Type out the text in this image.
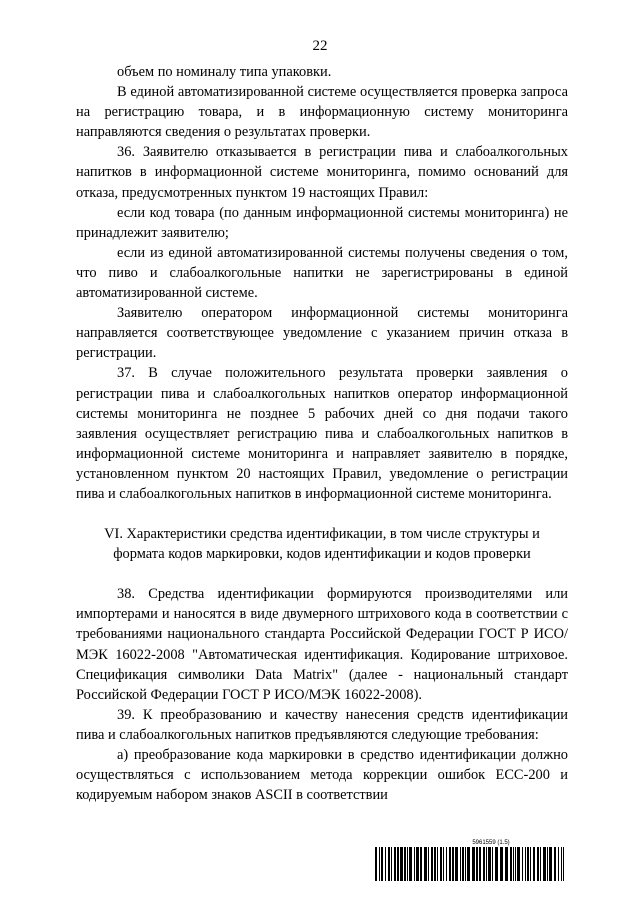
22

объем по номиналу типа упаковки.

В единой автоматизированной системе осуществляется проверка запроса на регистрацию товара, и в информационную систему мониторинга направляются сведения о результатах проверки.

36. Заявителю отказывается в регистрации пива и слабоалкогольных напитков в информационной системе мониторинга, помимо оснований для отказа, предусмотренных пунктом 19 настоящих Правил:

если код товара (по данным информационной системы мониторинга) не принадлежит заявителю;

если из единой автоматизированной системы получены сведения о том, что пиво и слабоалкогольные напитки не зарегистрированы в единой автоматизированной системе.

Заявителю оператором информационной системы мониторинга направляется соответствующее уведомление с указанием причин отказа в регистрации.

37. В случае положительного результата проверки заявления о регистрации пива и слабоалкогольных напитков оператор информационной системы мониторинга не позднее 5 рабочих дней со дня подачи такого заявления осуществляет регистрацию пива и слабоалкогольных напитков в информационной системе мониторинга и направляет заявителю в порядке, установленном пунктом 20 настоящих Правил, уведомление о регистрации пива и слабоалкогольных напитков в информационной системе мониторинга.

VI. Характеристики средства идентификации, в том числе структуры и формата кодов маркировки, кодов идентификации и кодов проверки

38. Средства идентификации формируются производителями или импортерами и наносятся в виде двумерного штрихового кода в соответствии с требованиями национального стандарта Российской Федерации ГОСТ Р ИСО/МЭК 16022-2008 "Автоматическая идентификация. Кодирование штриховое. Спецификация символики Data Matrix" (далее - национальный стандарт Российской Федерации ГОСТ Р ИСО/МЭК 16022-2008).

39. К преобразованию и качеству нанесения средств идентификации пива и слабоалкогольных напитков предъявляются следующие требования:

а) преобразование кода маркировки в средство идентификации должно осуществляться с использованием метода коррекции ошибок ЕСС-200 и кодируемым набором знаков ASCII в соответствии

5961559 (1.5)
